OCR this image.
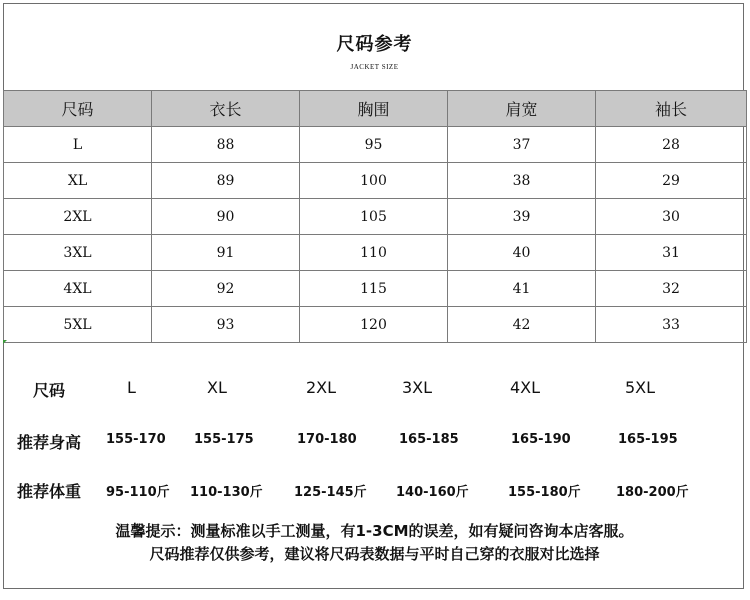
尺码参考
JACKET SIZE
尺码	衣长	胸围	肩宽	袖长
L	88	95	37	28
XL	89	100	38	29
2XL	90	105	39	30
3XL	91	110	40	31
4XL	92	115	41	32
5XL	93	120	42	33
尺码	L	XL	2XL	3XL	4XL	5XL
推荐身高 155-170 155-175	170-180	165-185	165-190	165-195
推荐体重 95-110斤 110-130斤 125-145斤 140-160斤	155-180斤	180-200斤
温馨提示：测量标准以手工测量，有1-3CM的误差，如有疑问咨询本店客服。
尺码推荐仅供参考，建议将尺码表数据与平时自己穿的衣服对比选择
